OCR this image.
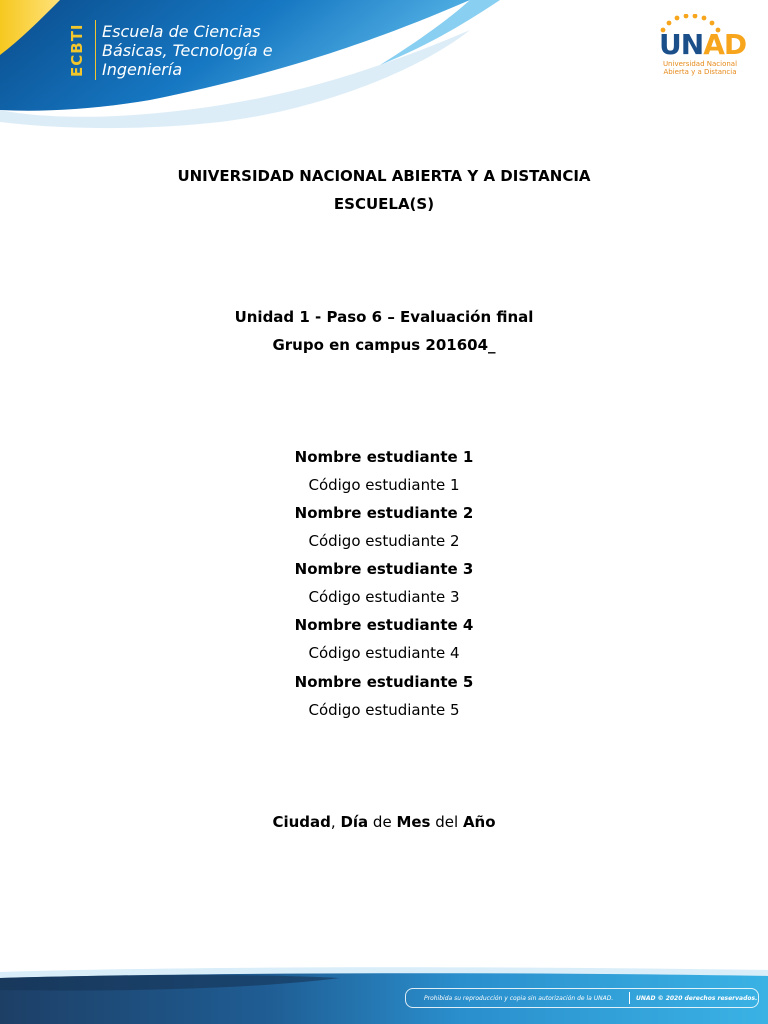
ECBTI	Escuela de Ciencias
Básicas, Tecnología e
Ingeniería
UNAD
Universidad Nacional
Abierta y a Distancia
UNIVERSIDAD NACIONAL ABIERTA Y A DISTANCIA
ESCUELA(S)
Unidad 1 - Paso 6 – Evaluación final
Grupo en campus 201604_
Nombre estudiante 1
Código estudiante 1
Nombre estudiante 2
Código estudiante 2
Nombre estudiante 3
Código estudiante 3
Nombre estudiante 4
Código estudiante 4
Nombre estudiante 5
Código estudiante 5
Ciudad, Día de Mes del Año
Prohibida su reproducción y copia sin autorización de la UNAD.	UNAD © 2020 derechos reservados.
